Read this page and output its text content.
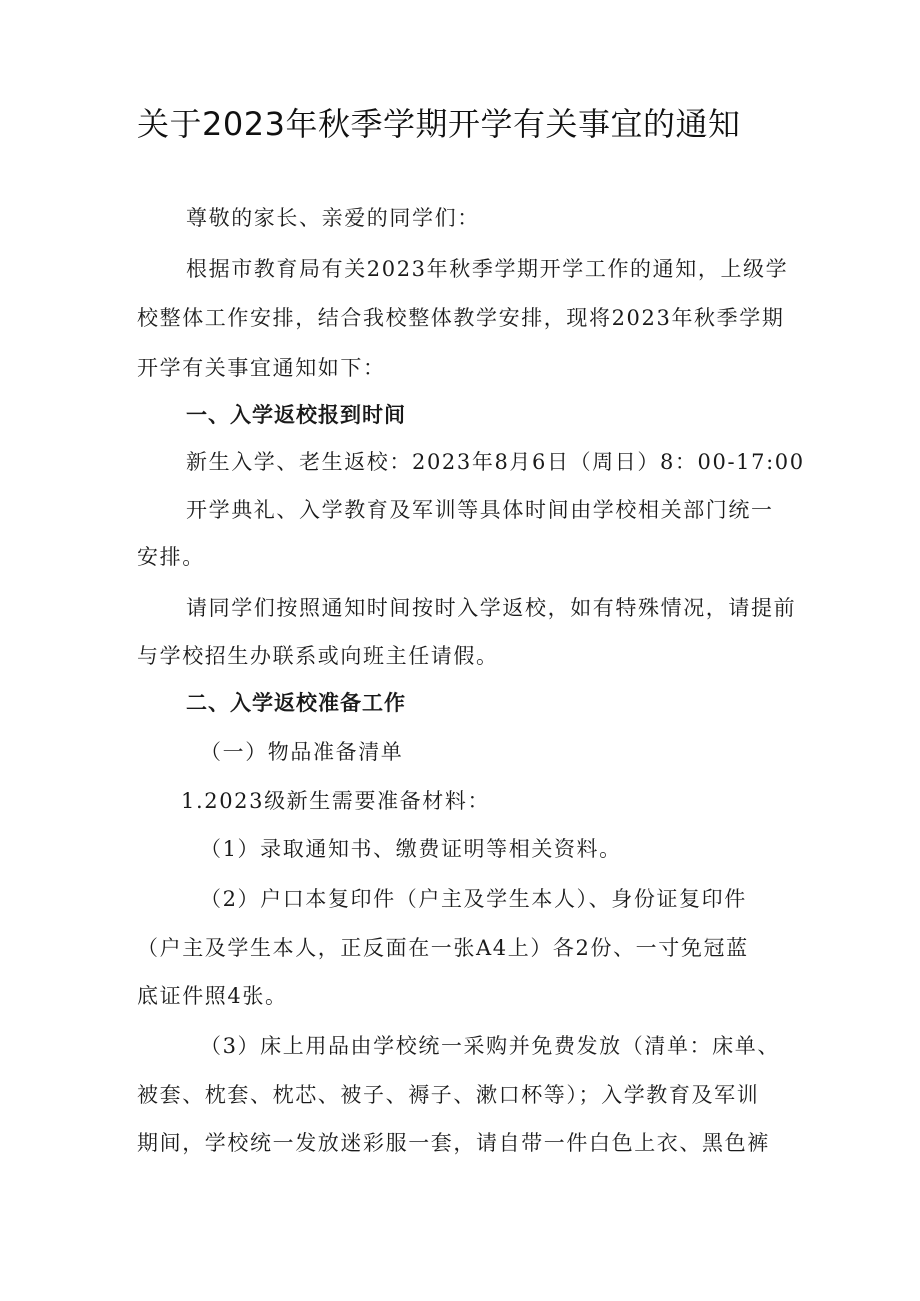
关于2023年秋季学期开学有关事宜的通知
尊敬的家长、亲爱的同学们：
根据市教育局有关2023年秋季学期开学工作的通知，上级学
校整体工作安排，结合我校整体教学安排，现将2023年秋季学期
开学有关事宜通知如下：
一、入学返校报到时间
新生入学、老生返校：2023年8月6日（周日）8：00-17:00
开学典礼、入学教育及军训等具体时间由学校相关部门统一
安排。
请同学们按照通知时间按时入学返校，如有特殊情况，请提前
与学校招生办联系或向班主任请假。
二、入学返校准备工作
（一）物品准备清单
1.2023级新生需要准备材料：
（1）录取通知书、缴费证明等相关资料。
（2）户口本复印件（户主及学生本人）、身份证复印件
（户主及学生本人，正反面在一张A4上）各2份、一寸免冠蓝
底证件照4张。
（3）床上用品由学校统一采购并免费发放（清单：床单、
被套、枕套、枕芯、被子、褥子、漱口杯等）；入学教育及军训
期间，学校统一发放迷彩服一套，请自带一件白色上衣、黑色裤
